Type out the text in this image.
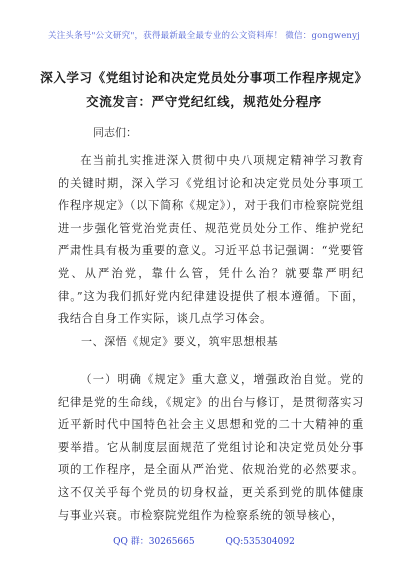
关注头条号"公文研究"，获得最新最全最专业的公文资料库！ 微信：gongwenyj
深入学习《党组讨论和决定党员处分事项工作程序规定》
交流发言：严守党纪红线，规范处分程序
同志们：
在当前扎实推进深入贯彻中央八项规定精神学习教育的关键时期，深入学习《党组讨论和决定党员处分事项工作程序规定》（以下简称《规定》），对于我们市检察院党组进一步强化管党治党责任、规范党员处分工作、维护党纪严肃性具有极为重要的意义。习近平总书记强调：“党要管党、从严治党，靠什么管，凭什么治？就要靠严明纪律。”这为我们抓好党内纪律建设提供了根本遵循。下面，我结合自身工作实际，谈几点学习体会。
一、深悟《规定》要义，筑牢思想根基
（一）明确《规定》重大意义，增强政治自觉。党的纪律是党的生命线，《规定》的出台与修订，是贯彻落实习近平新时代中国特色社会主义思想和党的二十大精神的重要举措。它从制度层面规范了党组讨论和决定党员处分事项的工作程序，是全面从严治党、依规治党的必然要求。这不仅关乎每个党员的切身权益，更关系到党的肌体健康与事业兴衰。市检察院党组作为检察系统的领导核心，
QQ 群：30265665	QQ:535304092
